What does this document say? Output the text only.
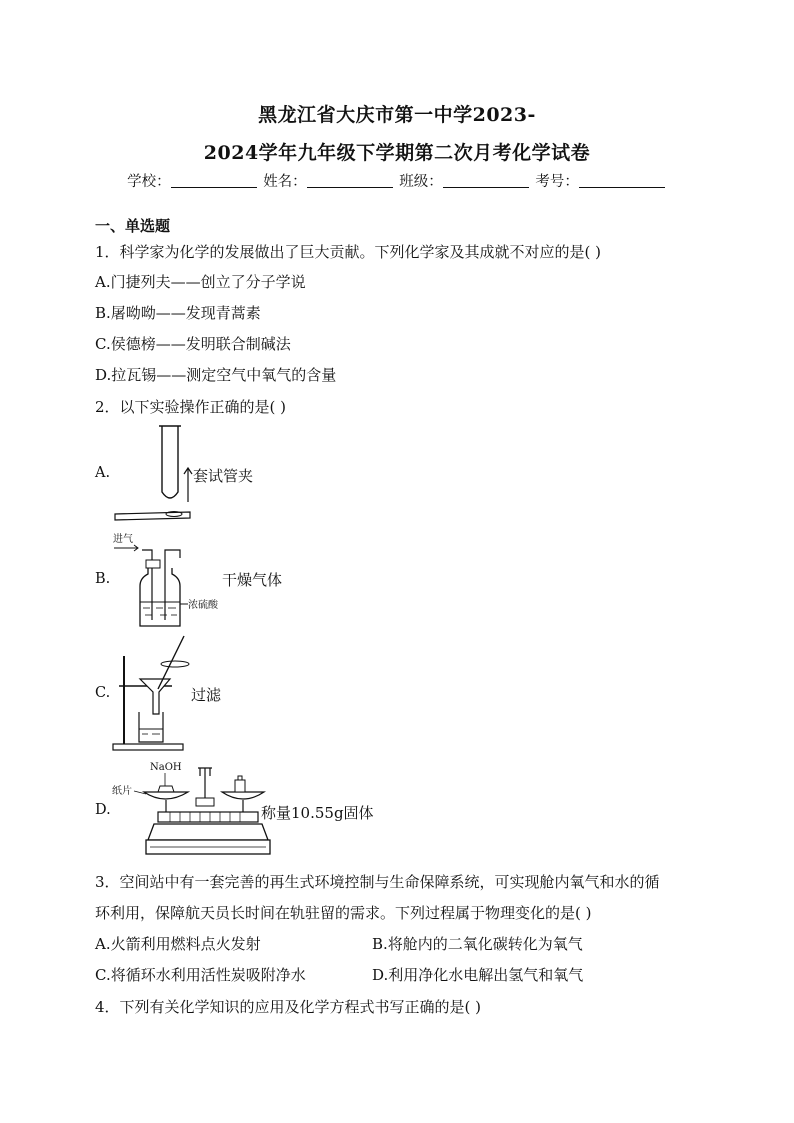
黑龙江省大庆市第一中学2023-
2024学年九年级下学期第二次月考化学试卷
学校：	姓名：	班级：	考号：
一、单选题
1．科学家为化学的发展做出了巨大贡献。下列化学家及其成就不对应的是( )
A.门捷列夫——创立了分子学说
B.屠呦呦——发现青蒿素
C.侯德榜——发明联合制碱法
D.拉瓦锡——测定空气中氧气的含量
2．以下实验操作正确的是( )
A.	套试管夹
B.
进气
浓硫酸
干燥气体
C.	过滤
D.
NaOH
纸片
称量10.55g固体
3．空间站中有一套完善的再生式环境控制与生命保障系统，可实现舱内氧气和水的循
环利用，保障航天员长时间在轨驻留的需求。下列过程属于物理变化的是( )
A.火箭利用燃料点火发射	B.将舱内的二氧化碳转化为氧气
C.将循环水利用活性炭吸附净水	D.利用净化水电解出氢气和氧气
4．下列有关化学知识的应用及化学方程式书写正确的是( )
